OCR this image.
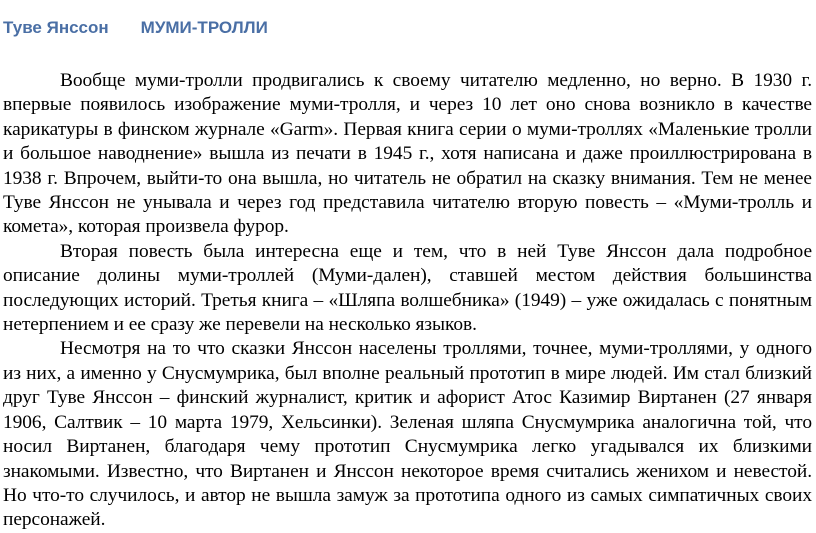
Туве Янссон МУМИ-ТРОЛЛИ

Вообще муми-тролли продвигались к своему читателю медленно, но верно. В 1930 г. впервые появилось изображение муми-тролля, и через 10 лет оно снова возникло в качестве карикатуры в финском журнале «Garm». Первая книга серии о муми-троллях «Маленькие тролли и большое наводнение» вышла из печати в 1945 г., хотя написана и даже проиллюстрирована в 1938 г. Впрочем, выйти-то она вышла, но читатель не обратил на сказку внимания. Тем не менее Туве Янссон не унывала и через год представила читателю вторую повесть – «Муми-тролль и комета», которая произвела фурор.

Вторая повесть была интересна еще и тем, что в ней Туве Янссон дала подробное описание долины муми-троллей (Муми-дален), ставшей местом действия большинства последующих историй. Третья книга – «Шляпа волшебника» (1949) – уже ожидалась с понятным нетерпением и ее сразу же перевели на несколько языков.

Несмотря на то что сказки Янссон населены троллями, точнее, муми-троллями, у одного из них, а именно у Снусмумрика, был вполне реальный прототип в мире людей. Им стал близкий друг Туве Янссон – финский журналист, критик и афорист Атос Казимир Виртанен (27 января 1906, Салтвик – 10 марта 1979, Хельсинки). Зеленая шляпа Снусмумрика аналогична той, что носил Виртанен, благодаря чему прототип Снусмумрика легко угадывался их близкими знакомыми. Известно, что Виртанен и Янссон некоторое время считались женихом и невестой. Но что-то случилось, и автор не вышла замуж за прототипа одного из самых симпатичных своих персонажей.
